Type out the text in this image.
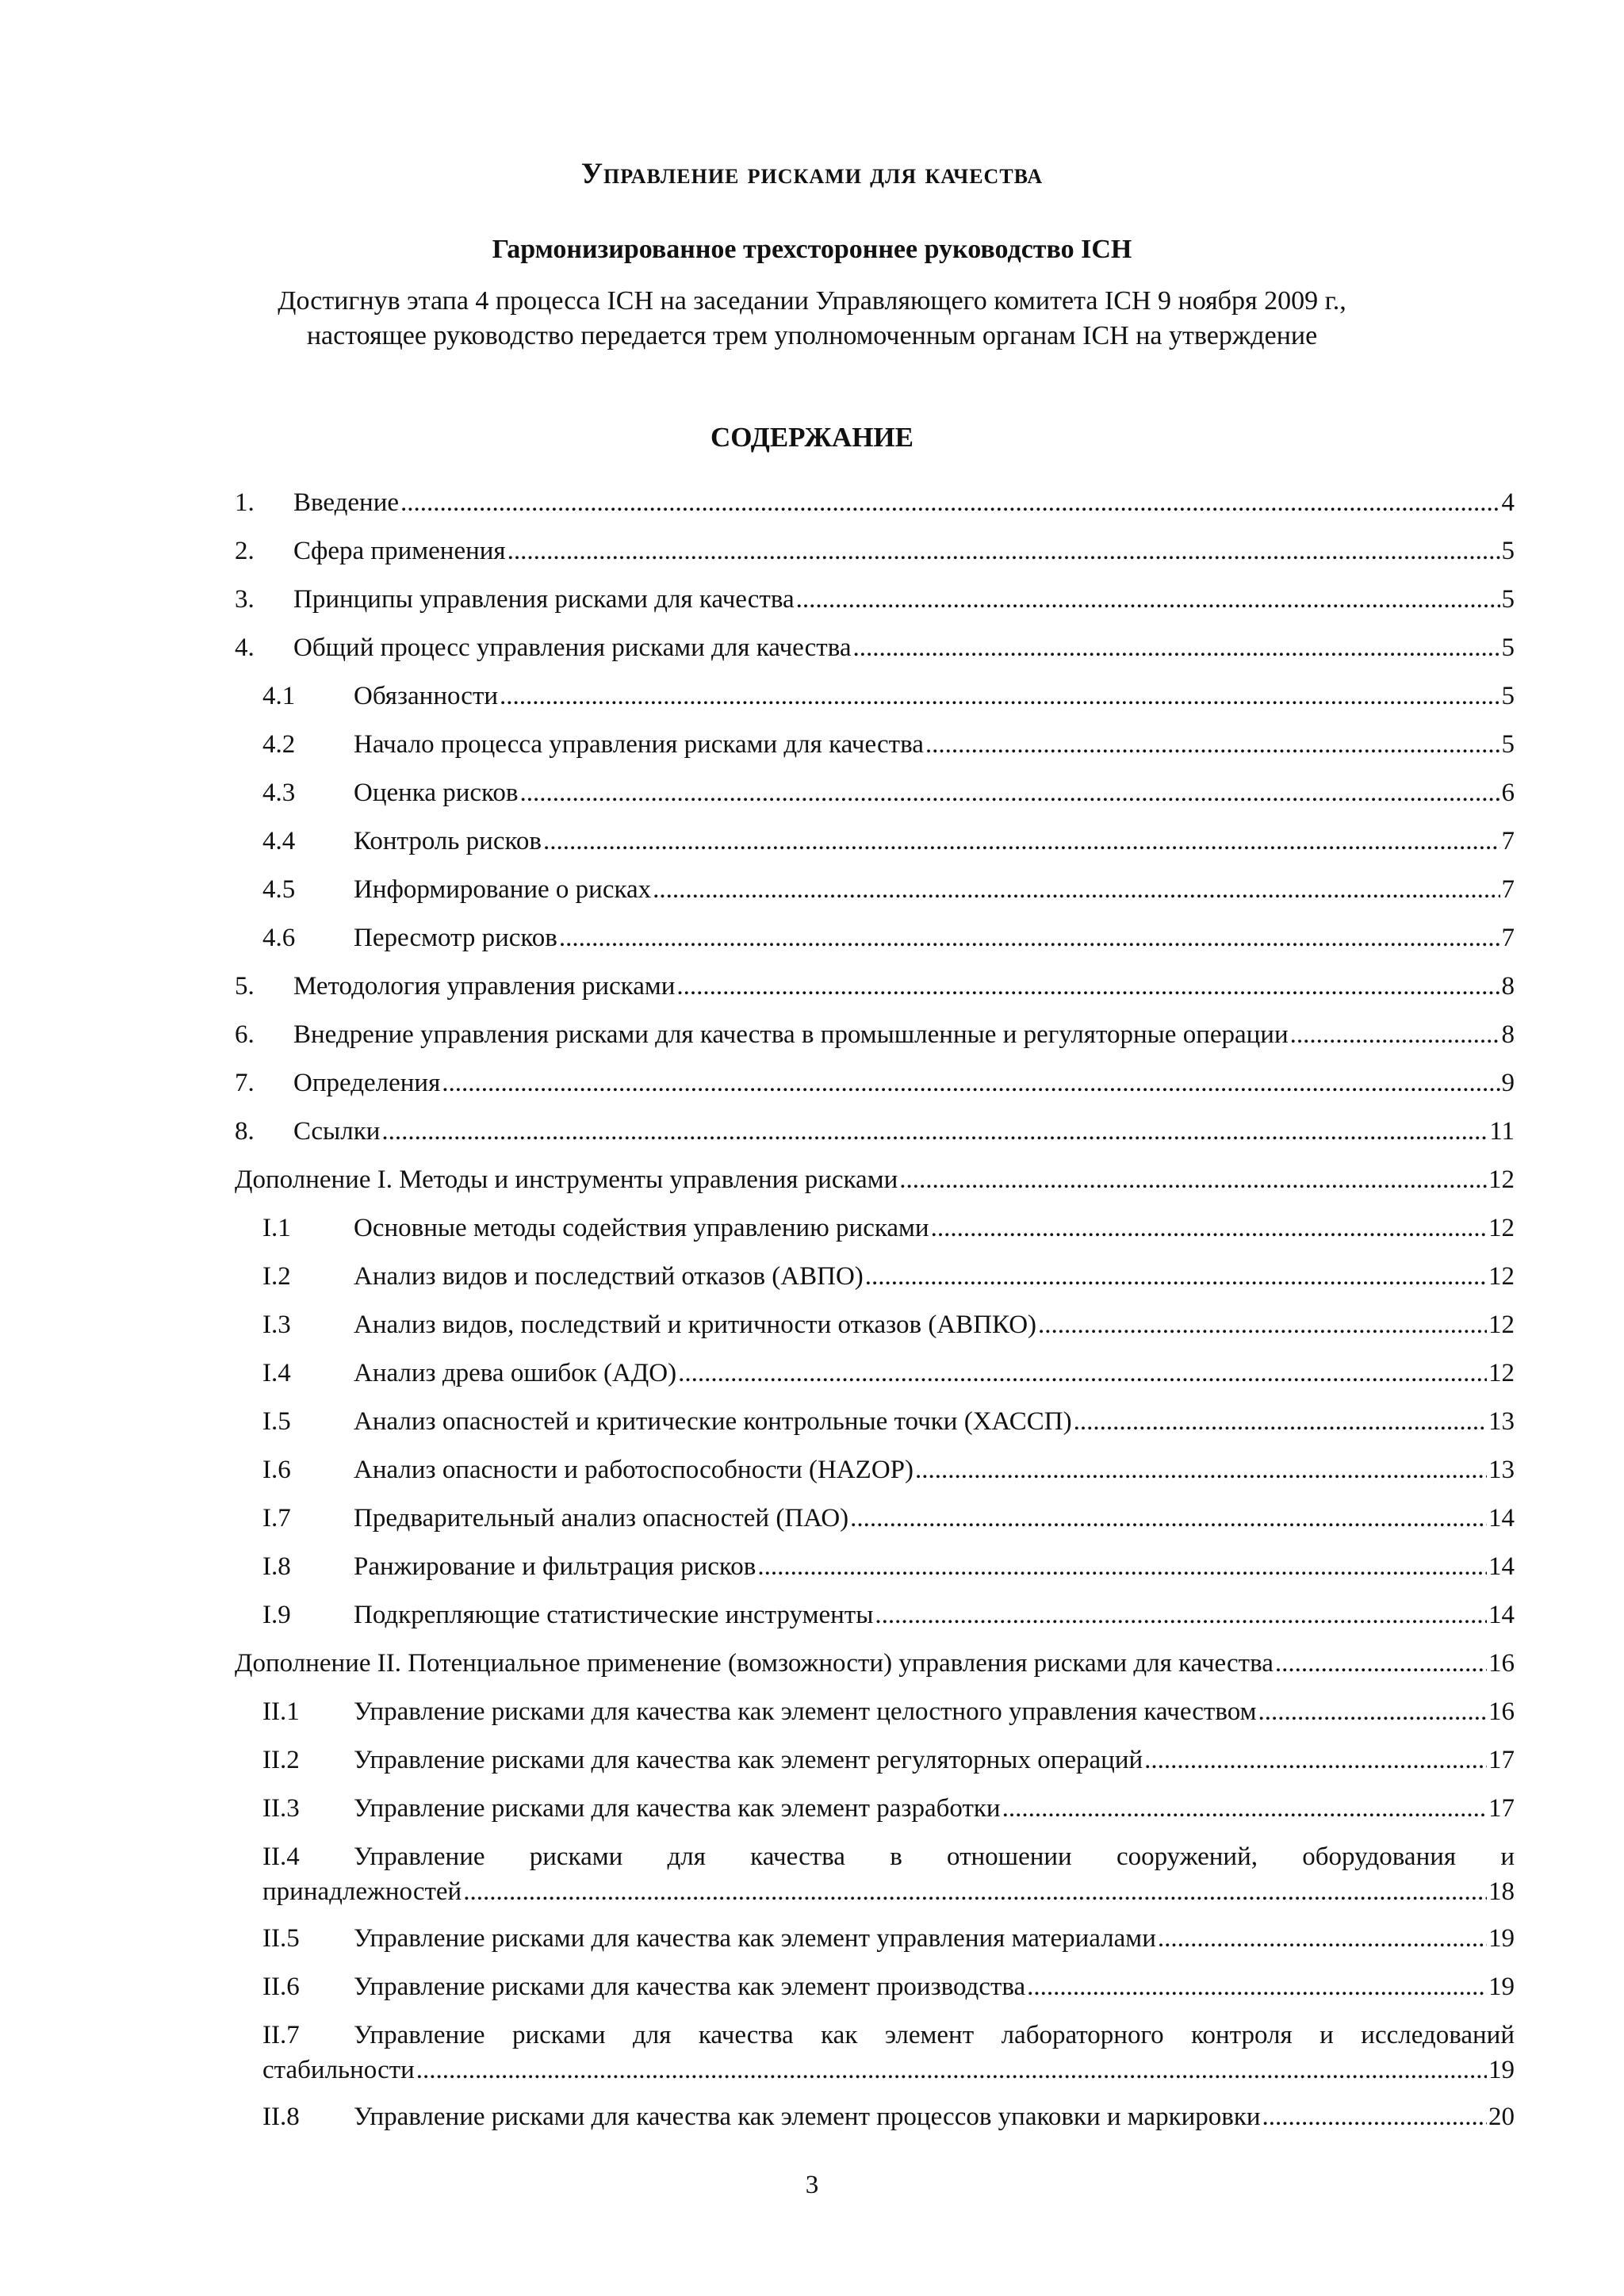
Управление рисками для качества
Гармонизированное трехстороннее руководство ICH
Достигнув этапа 4 процесса ICH на заседании Управляющего комитета ICH 9 ноября 2009 г.,
настоящее руководство передается трем уполномоченным органам ICH на утверждение
СОДЕРЖАНИЕ
1. Введение .....	4
2. Сфера применения .....	5
3. Принципы управления рисками для качества .....	5
4. Общий процесс управления рисками для качества .....	5
4.1 Обязанности .....	5
4.2 Начало процесса управления рисками для качества .....	5
4.3 Оценка рисков .....	6
4.4 Контроль рисков .....	7
4.5 Информирование о рисках .....	7
4.6 Пересмотр рисков .....	7
5. Методология управления рисками .....	8
6. Внедрение управления рисками для качества в промышленные и регуляторные операции .....	8
7. Определения .....	9
8. Ссылки .....	11
Дополнение I. Методы и инструменты управления рисками .....	12
I.1 Основные методы содействия управлению рисками .....	12
I.2 Анализ видов и последствий отказов (АВПО) .....	12
I.3 Анализ видов, последствий и критичности отказов (АВПКО) .....	12
I.4 Анализ древа ошибок (АДО) .....	12
I.5 Анализ опасностей и критические контрольные точки (ХАССП) .....	13
I.6 Анализ опасности и работоспособности (HAZOP) .....	13
I.7 Предварительный анализ опасностей (ПАО) .....	14
I.8 Ранжирование и фильтрация рисков .....	14
I.9 Подкрепляющие статистические инструменты .....	14
Дополнение II. Потенциальное применение (вомзожности) управления рисками для качества .....	16
II.1 Управление рисками для качества как элемент целостного управления качеством .....	16
II.2 Управление рисками для качества как элемент регуляторных операций .....	17
II.3 Управление рисками для качества как элемент разработки .....	17
II.4 Управление рисками для качества в отношении сооружений, оборудования и
принадлежностей .....	18
II.5 Управление рисками для качества как элемент управления материалами .....	19
II.6 Управление рисками для качества как элемент производства .....	19
II.7 Управление рисками для качества как элемент лабораторного контроля и исследований
стабильности .....	19
II.8 Управление рисками для качества как элемент процессов упаковки и маркировки .....	20
3
